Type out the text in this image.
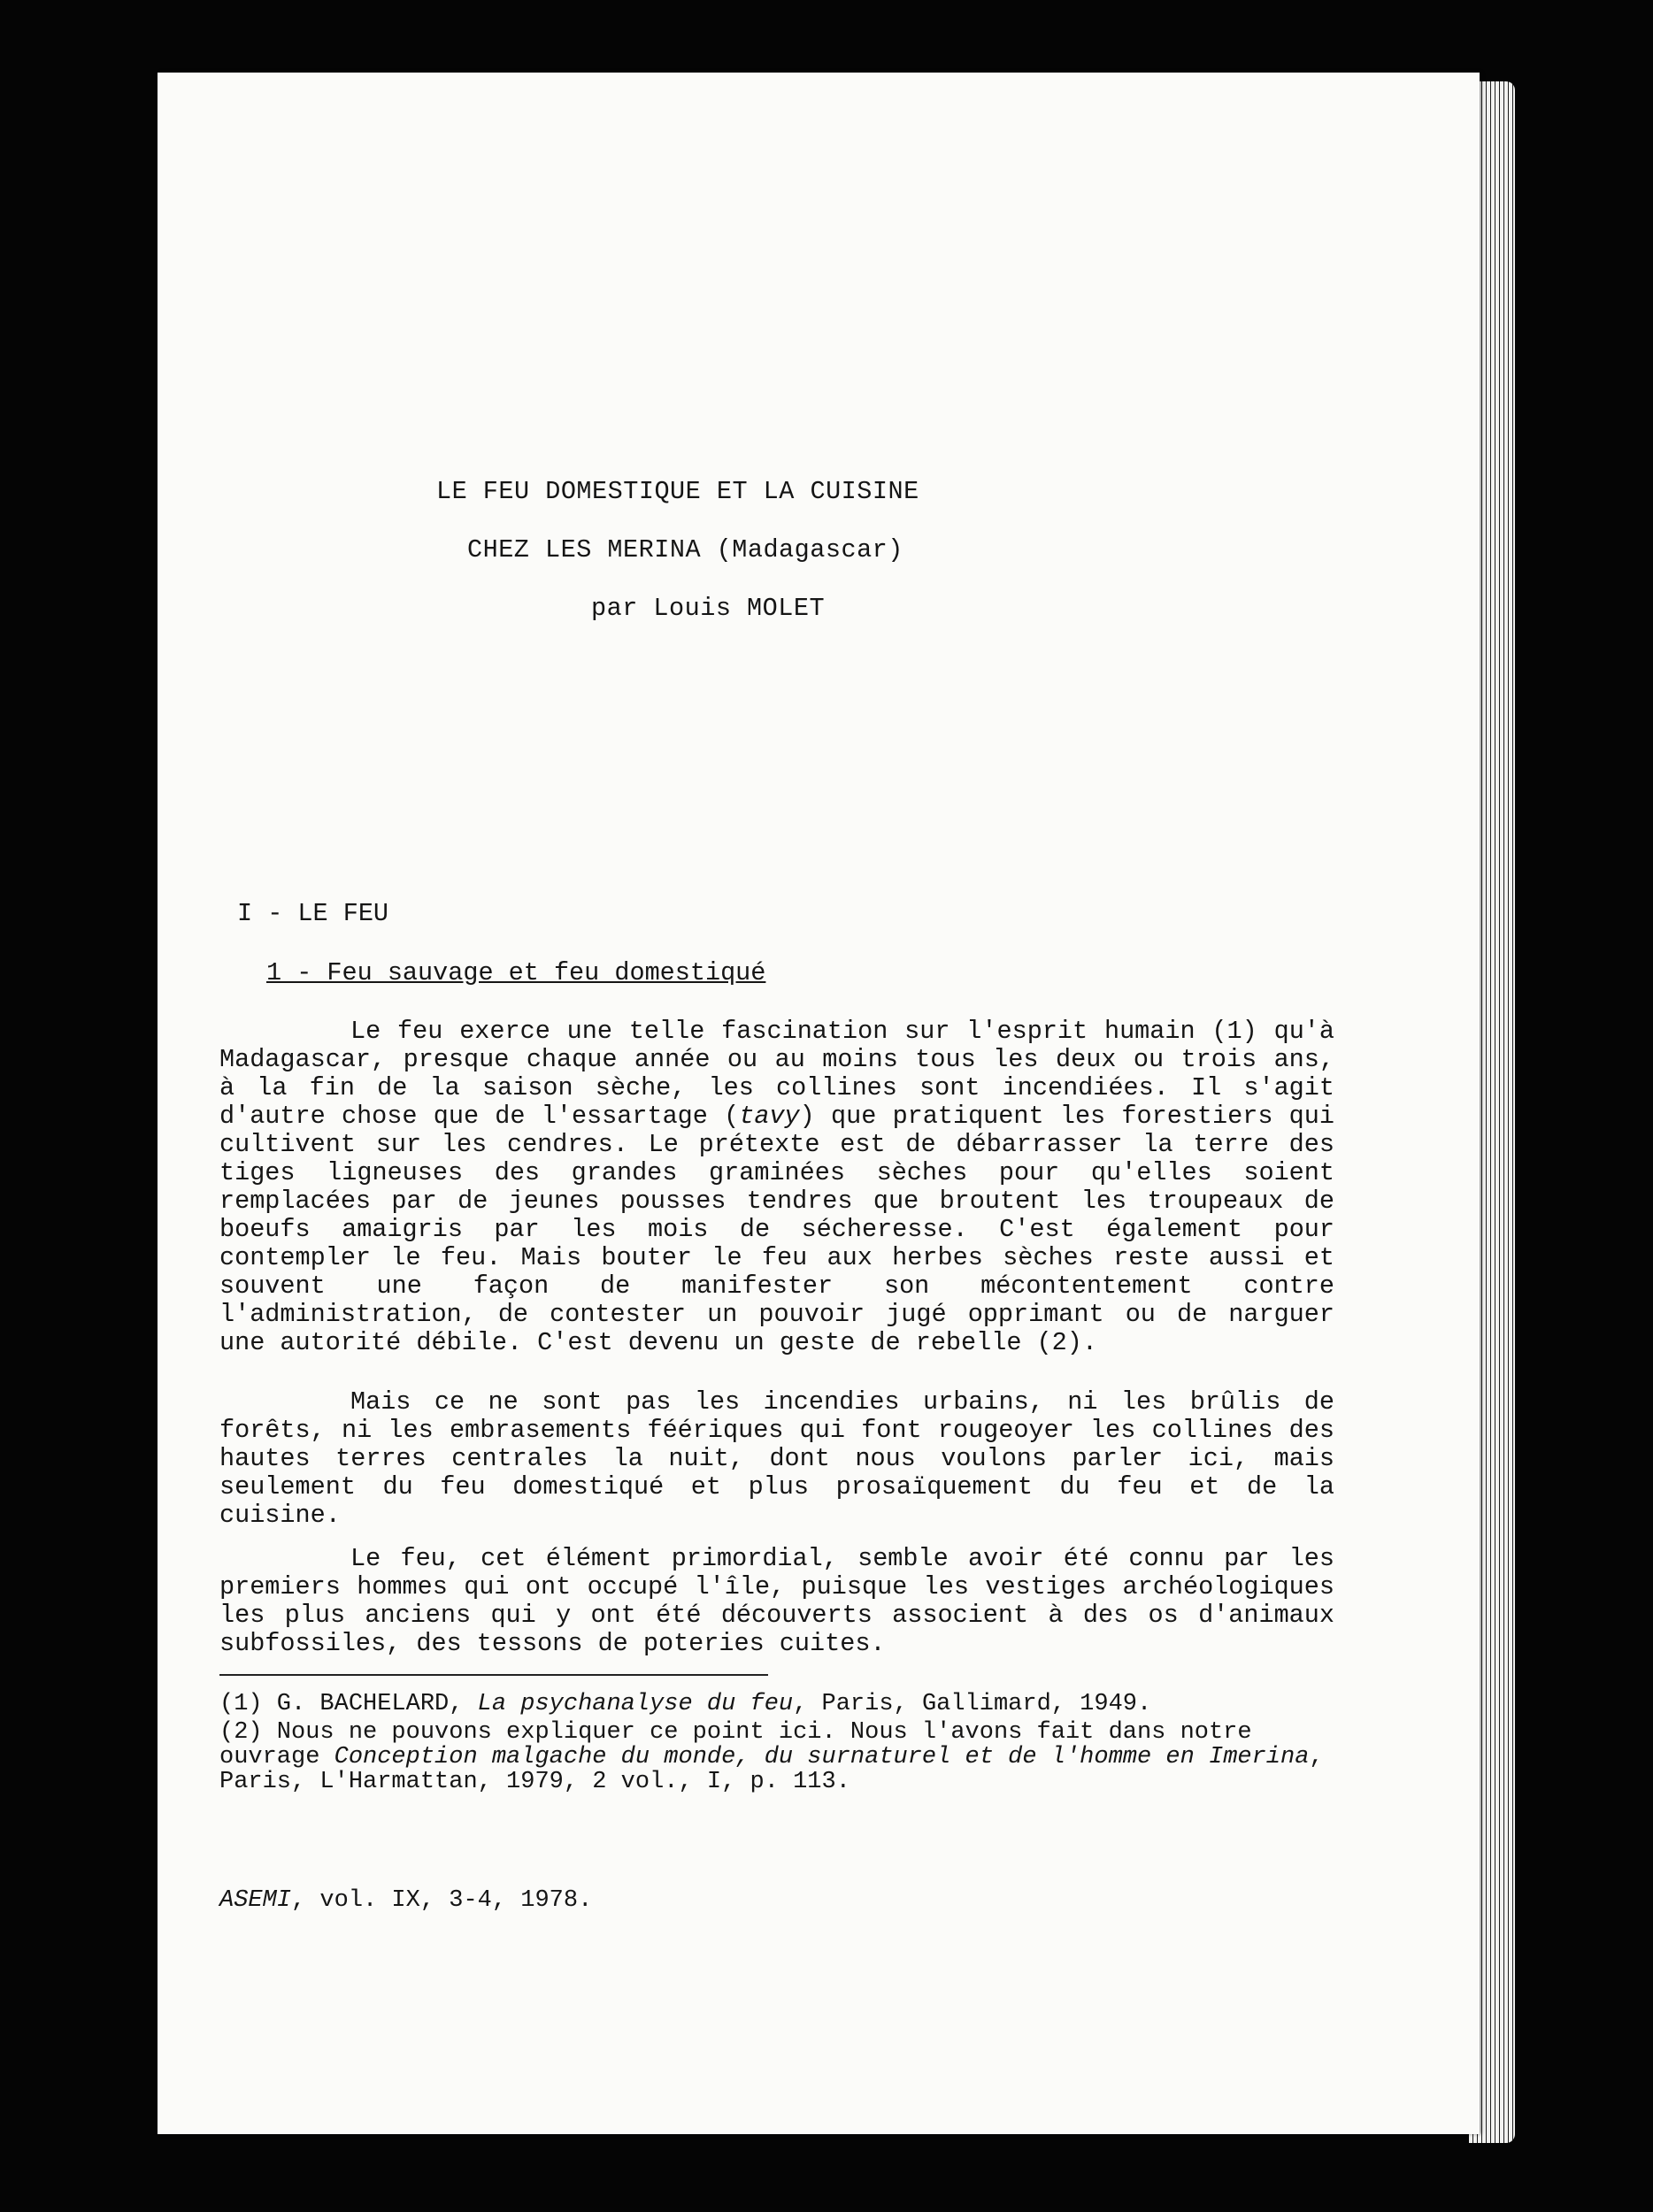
LE FEU DOMESTIQUE ET LA CUISINE
CHEZ LES MERINA (Madagascar)
par Louis MOLET
I - LE FEU
1 - Feu sauvage et feu domestiqué

Le feu exerce une telle fascination sur l'esprit humain (1) qu'à Madagascar, presque chaque année ou au moins tous les deux ou trois ans, à la fin de la saison sèche, les collines sont incendiées. Il s'agit d'autre chose que de l'essartage (tavy) que pratiquent les forestiers qui cultivent sur les cendres. Le prétexte est de débarrasser la terre des tiges ligneuses des grandes graminées sèches pour qu'elles soient remplacées par de jeunes pousses tendres que broutent les troupeaux de boeufs amaigris par les mois de sécheresse. C'est également pour contempler le feu. Mais bouter le feu aux herbes sèches reste aussi et souvent une façon de manifester son mécontentement contre l'administration, de contester un pouvoir jugé opprimant ou de narguer une autorité débile. C'est devenu un geste de rebelle (2).

Mais ce ne sont pas les incendies urbains, ni les brûlis de forêts, ni les embrasements féériques qui font rougeoyer les collines des hautes terres centrales la nuit, dont nous voulons parler ici, mais seulement du feu domestiqué et plus prosaïquement du feu et de la cuisine.

Le feu, cet élément primordial, semble avoir été connu par les premiers hommes qui ont occupé l'île, puisque les vestiges archéologiques les plus anciens qui y ont été découverts associent à des os d'animaux subfossiles, des tessons de poteries cuites.

(1) G. BACHELARD, La psychanalyse du feu, Paris, Gallimard, 1949.

(2) Nous ne pouvons expliquer ce point ici. Nous l'avons fait dans notre ouvrage Conception malgache du monde, du surnaturel et de l'homme en Imerina, Paris, L'Harmattan, 1979, 2 vol., I, p. 113.

ASEMI, vol. IX, 3-4, 1978.
